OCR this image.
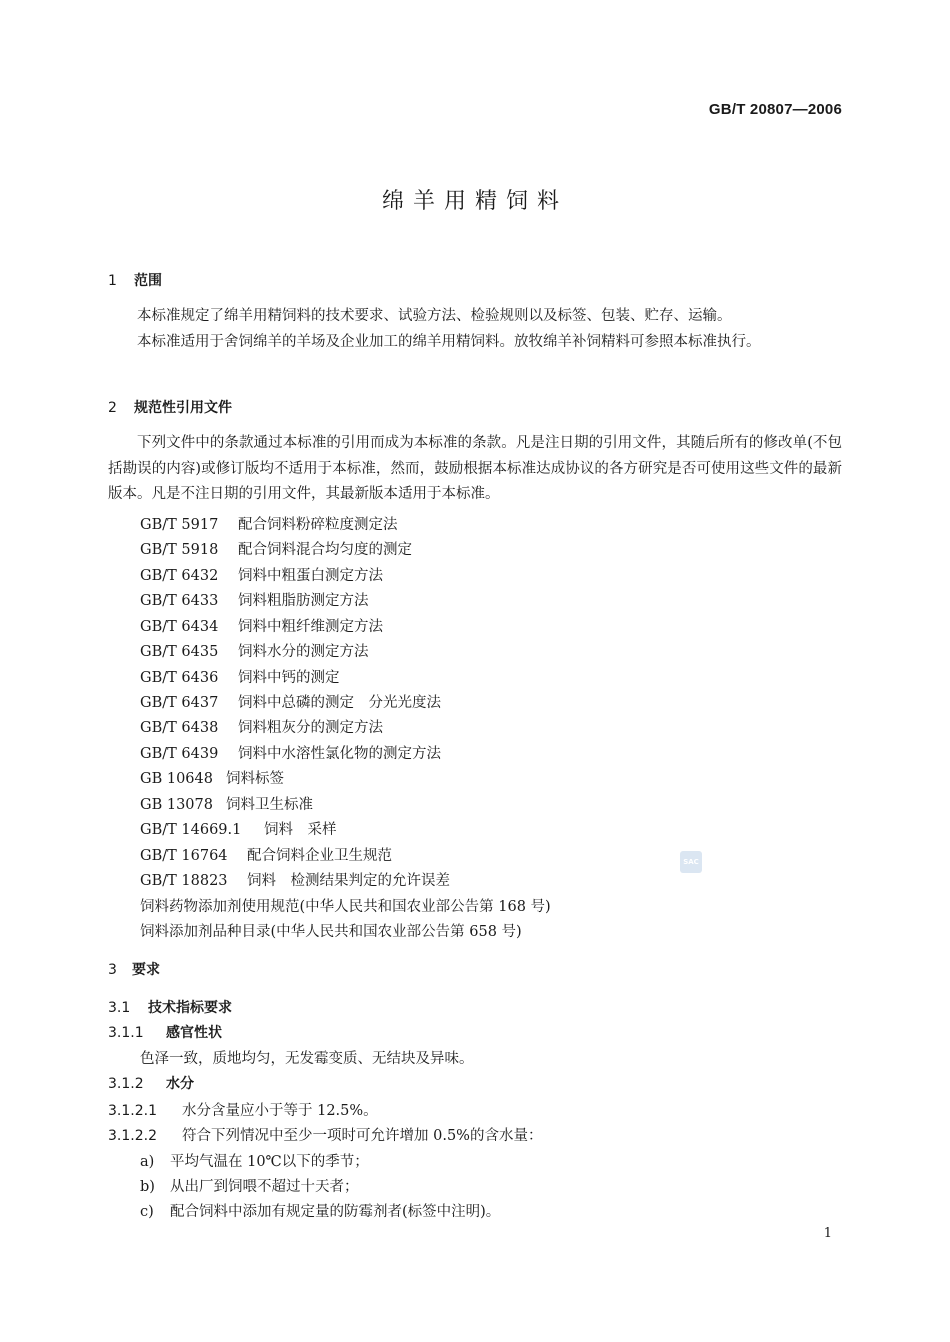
GB/T 20807—2006
绵羊用精饲料
1 范围
本标准规定了绵羊用精饲料的技术要求、试验方法、检验规则以及标签、包装、贮存、运输。
本标准适用于舍饲绵羊的羊场及企业加工的绵羊用精饲料。放牧绵羊补饲精料可参照本标准执行。
2 规范性引用文件
下列文件中的条款通过本标准的引用而成为本标准的条款。凡是注日期的引用文件，其随后所有的修改单(不包括勘误的内容)或修订版均不适用于本标准，然而，鼓励根据本标准达成协议的各方研究是否可使用这些文件的最新版本。凡是不注日期的引用文件，其最新版本适用于本标准。
GB/T 5917 配合饲料粉碎粒度测定法
GB/T 5918 配合饲料混合均匀度的测定
GB/T 6432 饲料中粗蛋白测定方法
GB/T 6433 饲料粗脂肪测定方法
GB/T 6434 饲料中粗纤维测定方法
GB/T 6435 饲料水分的测定方法
GB/T 6436 饲料中钙的测定
GB/T 6437 饲料中总磷的测定　分光光度法
GB/T 6438 饲料粗灰分的测定方法
GB/T 6439 饲料中水溶性氯化物的测定方法
GB 10648 饲料标签
GB 13078 饲料卫生标准
GB/T 14669.1 饲料　采样
GB/T 16764 配合饲料企业卫生规范
GB/T 18823 饲料　检测结果判定的允许误差
饲料药物添加剂使用规范(中华人民共和国农业部公告第 168 号)
饲料添加剂品种目录(中华人民共和国农业部公告第 658 号)
3 要求
3.1 技术指标要求
3.1.1 感官性状
色泽一致，质地均匀，无发霉变质、无结块及异味。
3.1.2 水分
3.1.2.1 水分含量应小于等于 12.5%。
3.1.2.2 符合下列情况中至少一项时可允许增加 0.5%的含水量：
a) 平均气温在 10℃以下的季节；
b) 从出厂到饲喂不超过十天者；
c) 配合饲料中添加有规定量的防霉剂者(标签中注明)。
SAC
1
